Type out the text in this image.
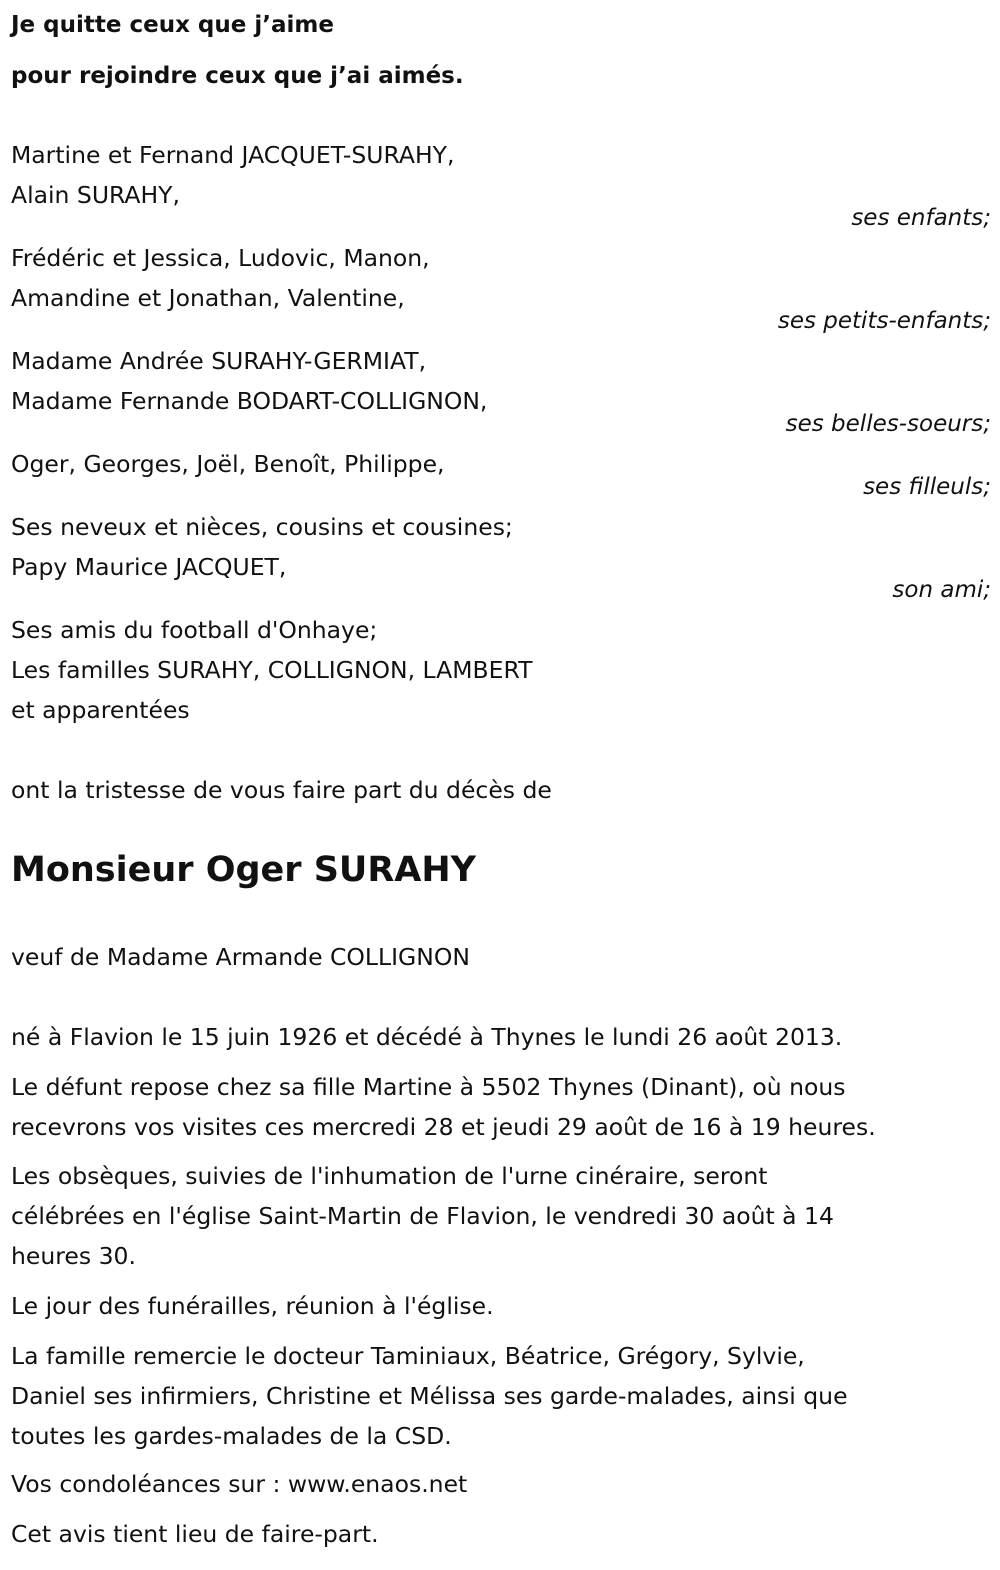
Je quitte ceux que j’aime

pour rejoindre ceux que j’ai aimés.

Martine et Fernand JACQUET-SURAHY,
Alain SURAHY,
ses enfants;
Frédéric et Jessica, Ludovic, Manon,
Amandine et Jonathan, Valentine,
ses petits-enfants;
Madame Andrée SURAHY-GERMIAT,
Madame Fernande BODART-COLLIGNON,
ses belles-soeurs;
Oger, Georges, Joël, Benoît, Philippe,
ses filleuls;
Ses neveux et nièces, cousins et cousines;
Papy Maurice JACQUET,
son ami;
Ses amis du football d'Onhaye;
Les familles SURAHY, COLLIGNON, LAMBERT
et apparentées
ont la tristesse de vous faire part du décès de
Monsieur Oger SURAHY
veuf de Madame Armande COLLIGNON
né à Flavion le 15 juin 1926 et décédé à Thynes le lundi 26 août 2013.
Le défunt repose chez sa fille Martine à 5502 Thynes (Dinant), où nous
recevrons vos visites ces mercredi 28 et jeudi 29 août de 16 à 19 heures.
Les obsèques, suivies de l'inhumation de l'urne cinéraire, seront
célébrées en l'église Saint-Martin de Flavion, le vendredi 30 août à 14
heures 30.
Le jour des funérailles, réunion à l'église.
La famille remercie le docteur Taminiaux, Béatrice, Grégory, Sylvie,
Daniel ses infirmiers, Christine et Mélissa ses garde-malades, ainsi que
toutes les gardes-malades de la CSD.
Vos condoléances sur : www.enaos.net
Cet avis tient lieu de faire-part.
